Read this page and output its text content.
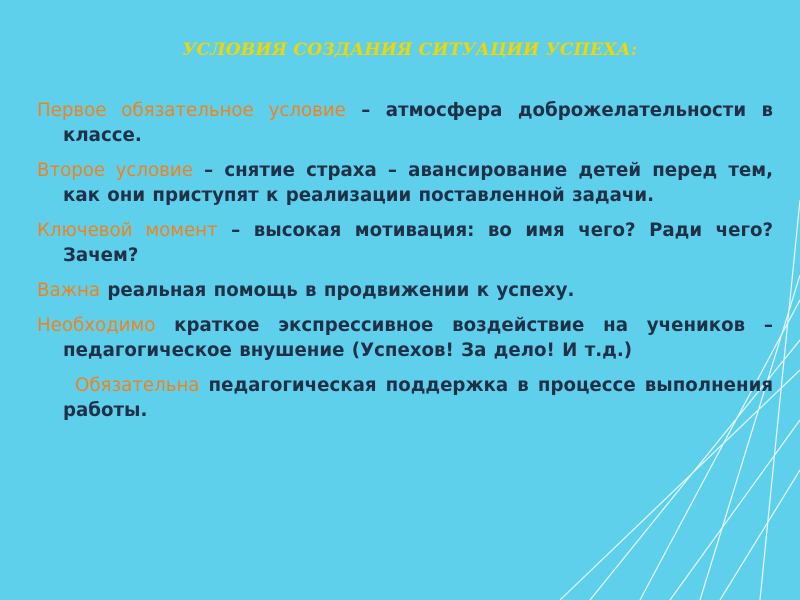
УСЛОВИЯ СОЗДАНИЯ СИТУАЦИИ УСПЕХА:

Первое обязательное условие – атмосфера доброжелательности в классе.

Второе условие – снятие страха – авансирование детей перед тем, как они приступят к реализации поставленной задачи.

Ключевой момент – высокая мотивация: во имя чего? Ради чего? Зачем?

Важна реальная помощь в продвижении к успеху.

Необходимо краткое экспрессивное воздействие на учеников – педагогическое внушение (Успехов! За дело! И т.д.)

Обязательна педагогическая поддержка в процессе выполнения работы.
